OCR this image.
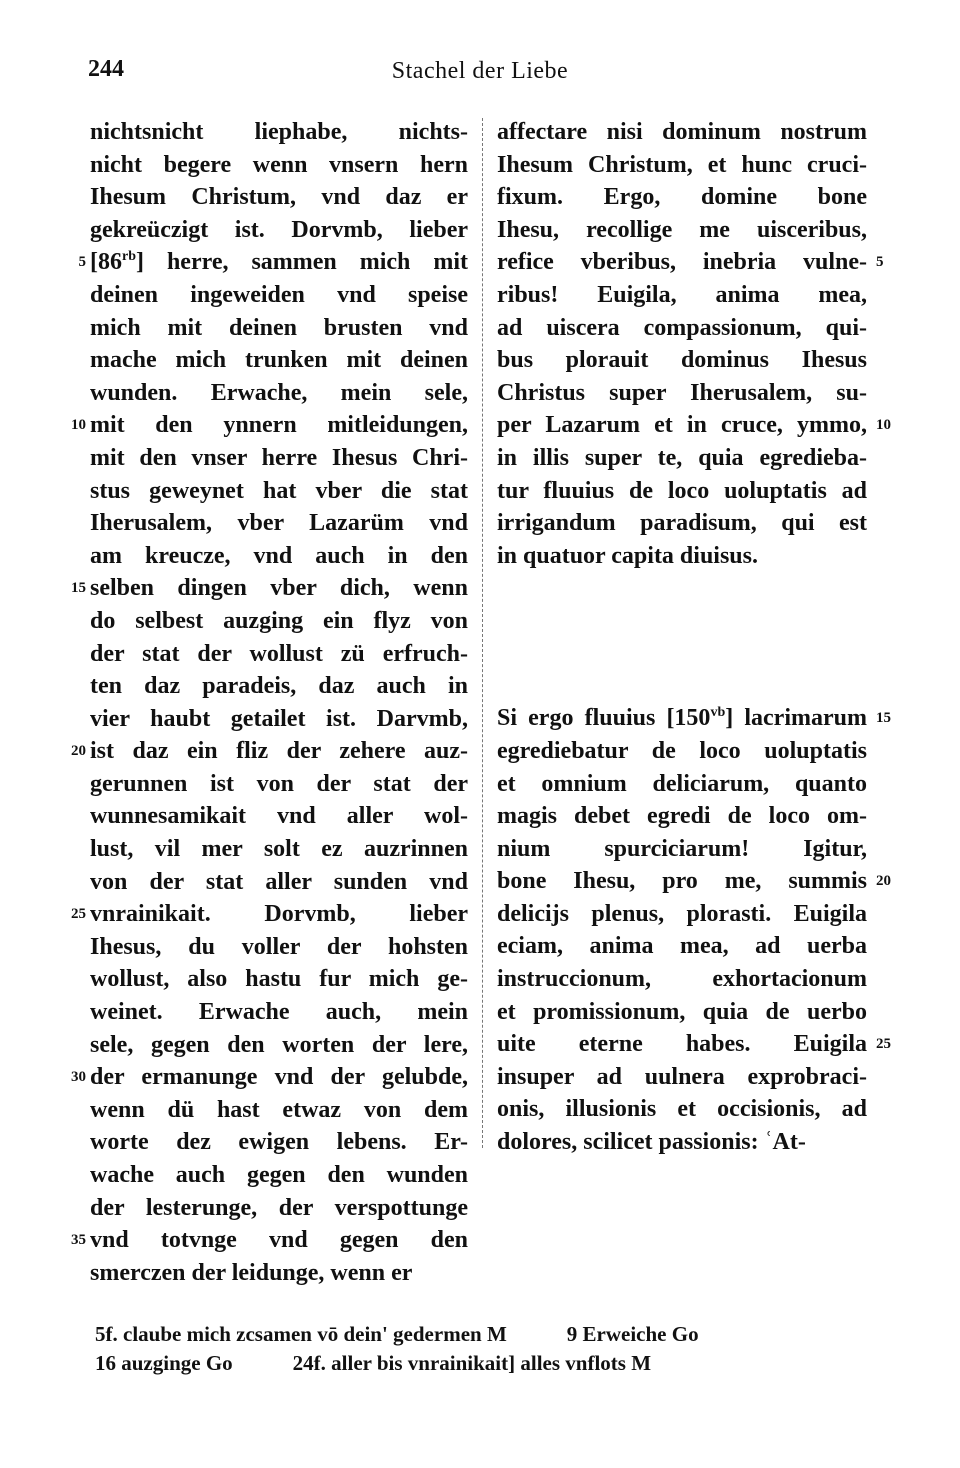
244	Stachel der Liebe
nichtsnicht liephabe, nichts-
nicht begere wenn vnsern hern
Ihesum Christum, vnd daz er
gekreüczigt ist. Dorvmb, lieber
$[86^{rb}]$ herre, sammen mich mit
deinen ingeweiden vnd speise
mich mit deinen brusten vnd
mache mich trunken mit deinen
wunden. Erwache, mein sele,
mit den ynnern mitleidungen,
mit den vnser herre Ihesus Chri-
stus geweynet hat vber die stat
Iherusalem, vber Lazarüm vnd
am kreucze, vnd auch in den
selben dingen vber dich, wenn
do selbest auzging ein flyz von
der stat der wollust zü erfruch-
ten daz paradeis, daz auch in
vier haubt getailet ist. Darvmb,
ist daz ein fliz der zehere auz-
gerunnen ist von der stat der
wunnesamikait vnd aller wol-
lust, vil mer solt ez auzrinnen
von der stat aller sunden vnd
vnrainikait. Dorvmb, lieber
Ihesus, du voller der hohsten
wollust, also hastu fur mich ge-
weinet. Erwache auch, mein
sele, gegen den worten der lere,
der ermanunge vnd der gelubde,
wenn dü hast etwaz von dem
worte dez ewigen lebens. Er-
wache auch gegen den wunden
der lesterunge, der verspottunge
vnd totvnge vnd gegen den
smerczen der leidunge, wenn er
affectare nisi dominum nostrum
Ihesum Christum, et hunc cruci-
fixum. Ergo, domine bone
Ihesu, recollige me uisceribus,
refice vberibus, inebria vulne-
ribus! Euigila, anima mea,
ad uiscera compassionum, qui-
bus plorauit dominus Ihesus
Christus super Iherusalem, su-
per Lazarum et in cruce, ymmo,
in illis super te, quia egredieba-
tur fluuius de loco uoluptatis ad
irrigandum paradisum, qui est
in quatuor capita diuisus.
Si ergo fluuius $[150^{vb}]$ lacrimarum
egrediebatur de loco uoluptatis
et omnium deliciarum, quanto
magis debet egredi de loco om-
nium spurciciarum! Igitur,
bone Ihesu, pro me, summis
delicijs plenus, plorasti. Euigila
eciam, anima mea, ad uerba
instruccionum, exhortacionum
et promissionum, quia de uerbo
uite eterne habes. Euigila
insuper ad uulnera exprobraci-
onis, illusionis et occisionis, ad
dolores, scilicet passionis: ʿAt-
5
10
15
20
25
30
35
5
10
15
20
25
5f. claube mich zcsamen vō dein' gedermen M	9 Erweiche Go
16 auzginge Go	24f. aller bis vnrainikait] alles vnflots M
